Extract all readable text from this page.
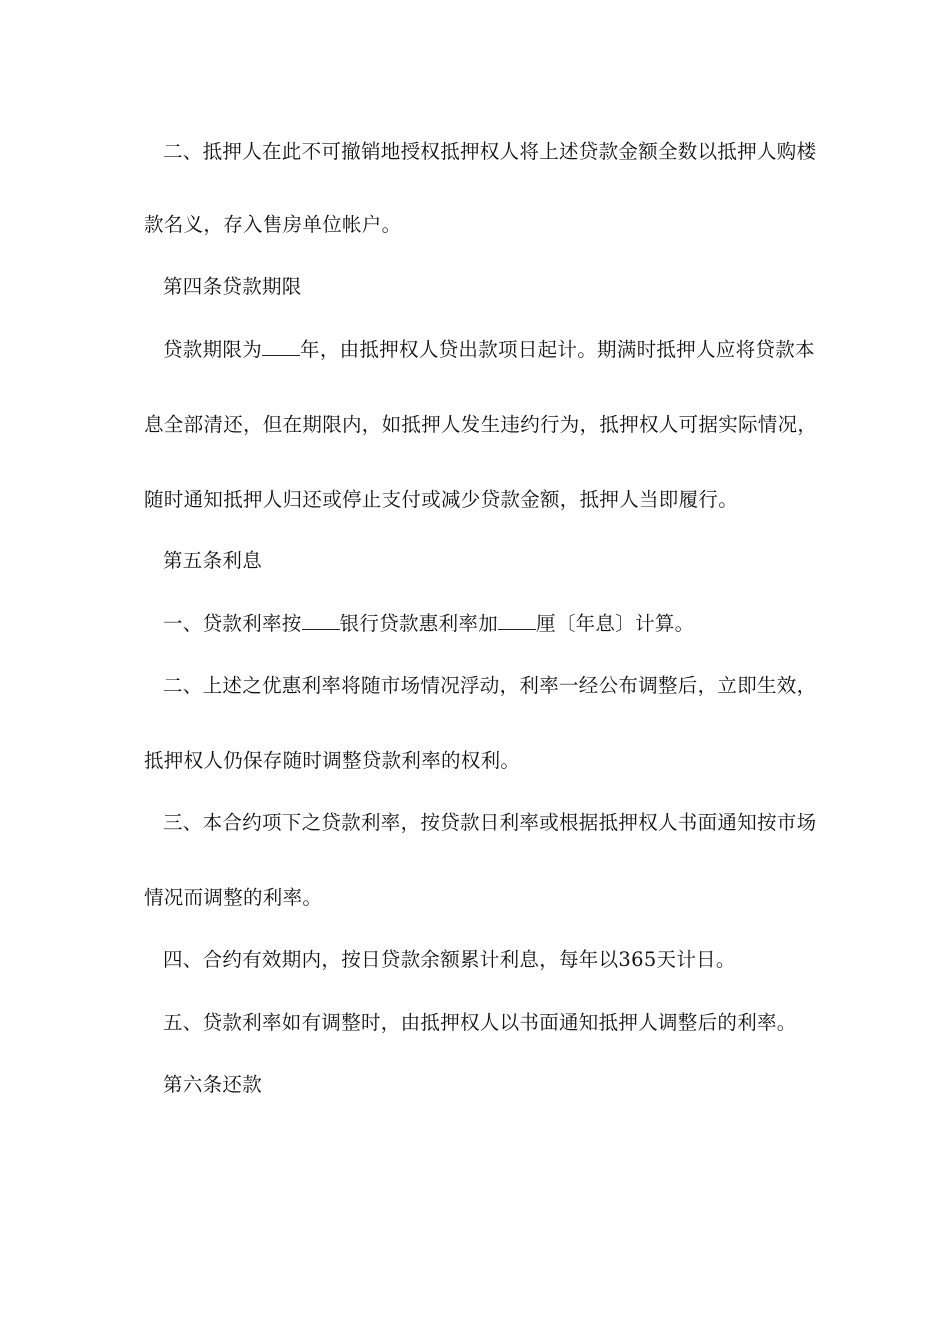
二、抵押人在此不可撤销地授权抵押权人将上述贷款金额全数以抵押人购楼
款名义，存入售房单位帐户。
第四条贷款期限
贷款期限为 年，由抵押权人贷出款项日起计。期满时抵押人应将贷款本
息全部清还，但在期限内，如抵押人发生违约行为，抵押权人可据实际情况，
随时通知抵押人归还或停止支付或减少贷款金额，抵押人当即履行。
第五条利息
一、贷款利率按 银行贷款惠利率加 厘〔年息〕计算。
二、上述之优惠利率将随市场情况浮动，利率一经公布调整后，立即生效，
抵押权人仍保存随时调整贷款利率的权利。
三、本合约项下之贷款利率，按贷款日利率或根据抵押权人书面通知按市场
情况而调整的利率。
四、合约有效期内，按日贷款余额累计利息，每年以365天计日。
五、贷款利率如有调整时，由抵押权人以书面通知抵押人调整后的利率。
第六条还款
